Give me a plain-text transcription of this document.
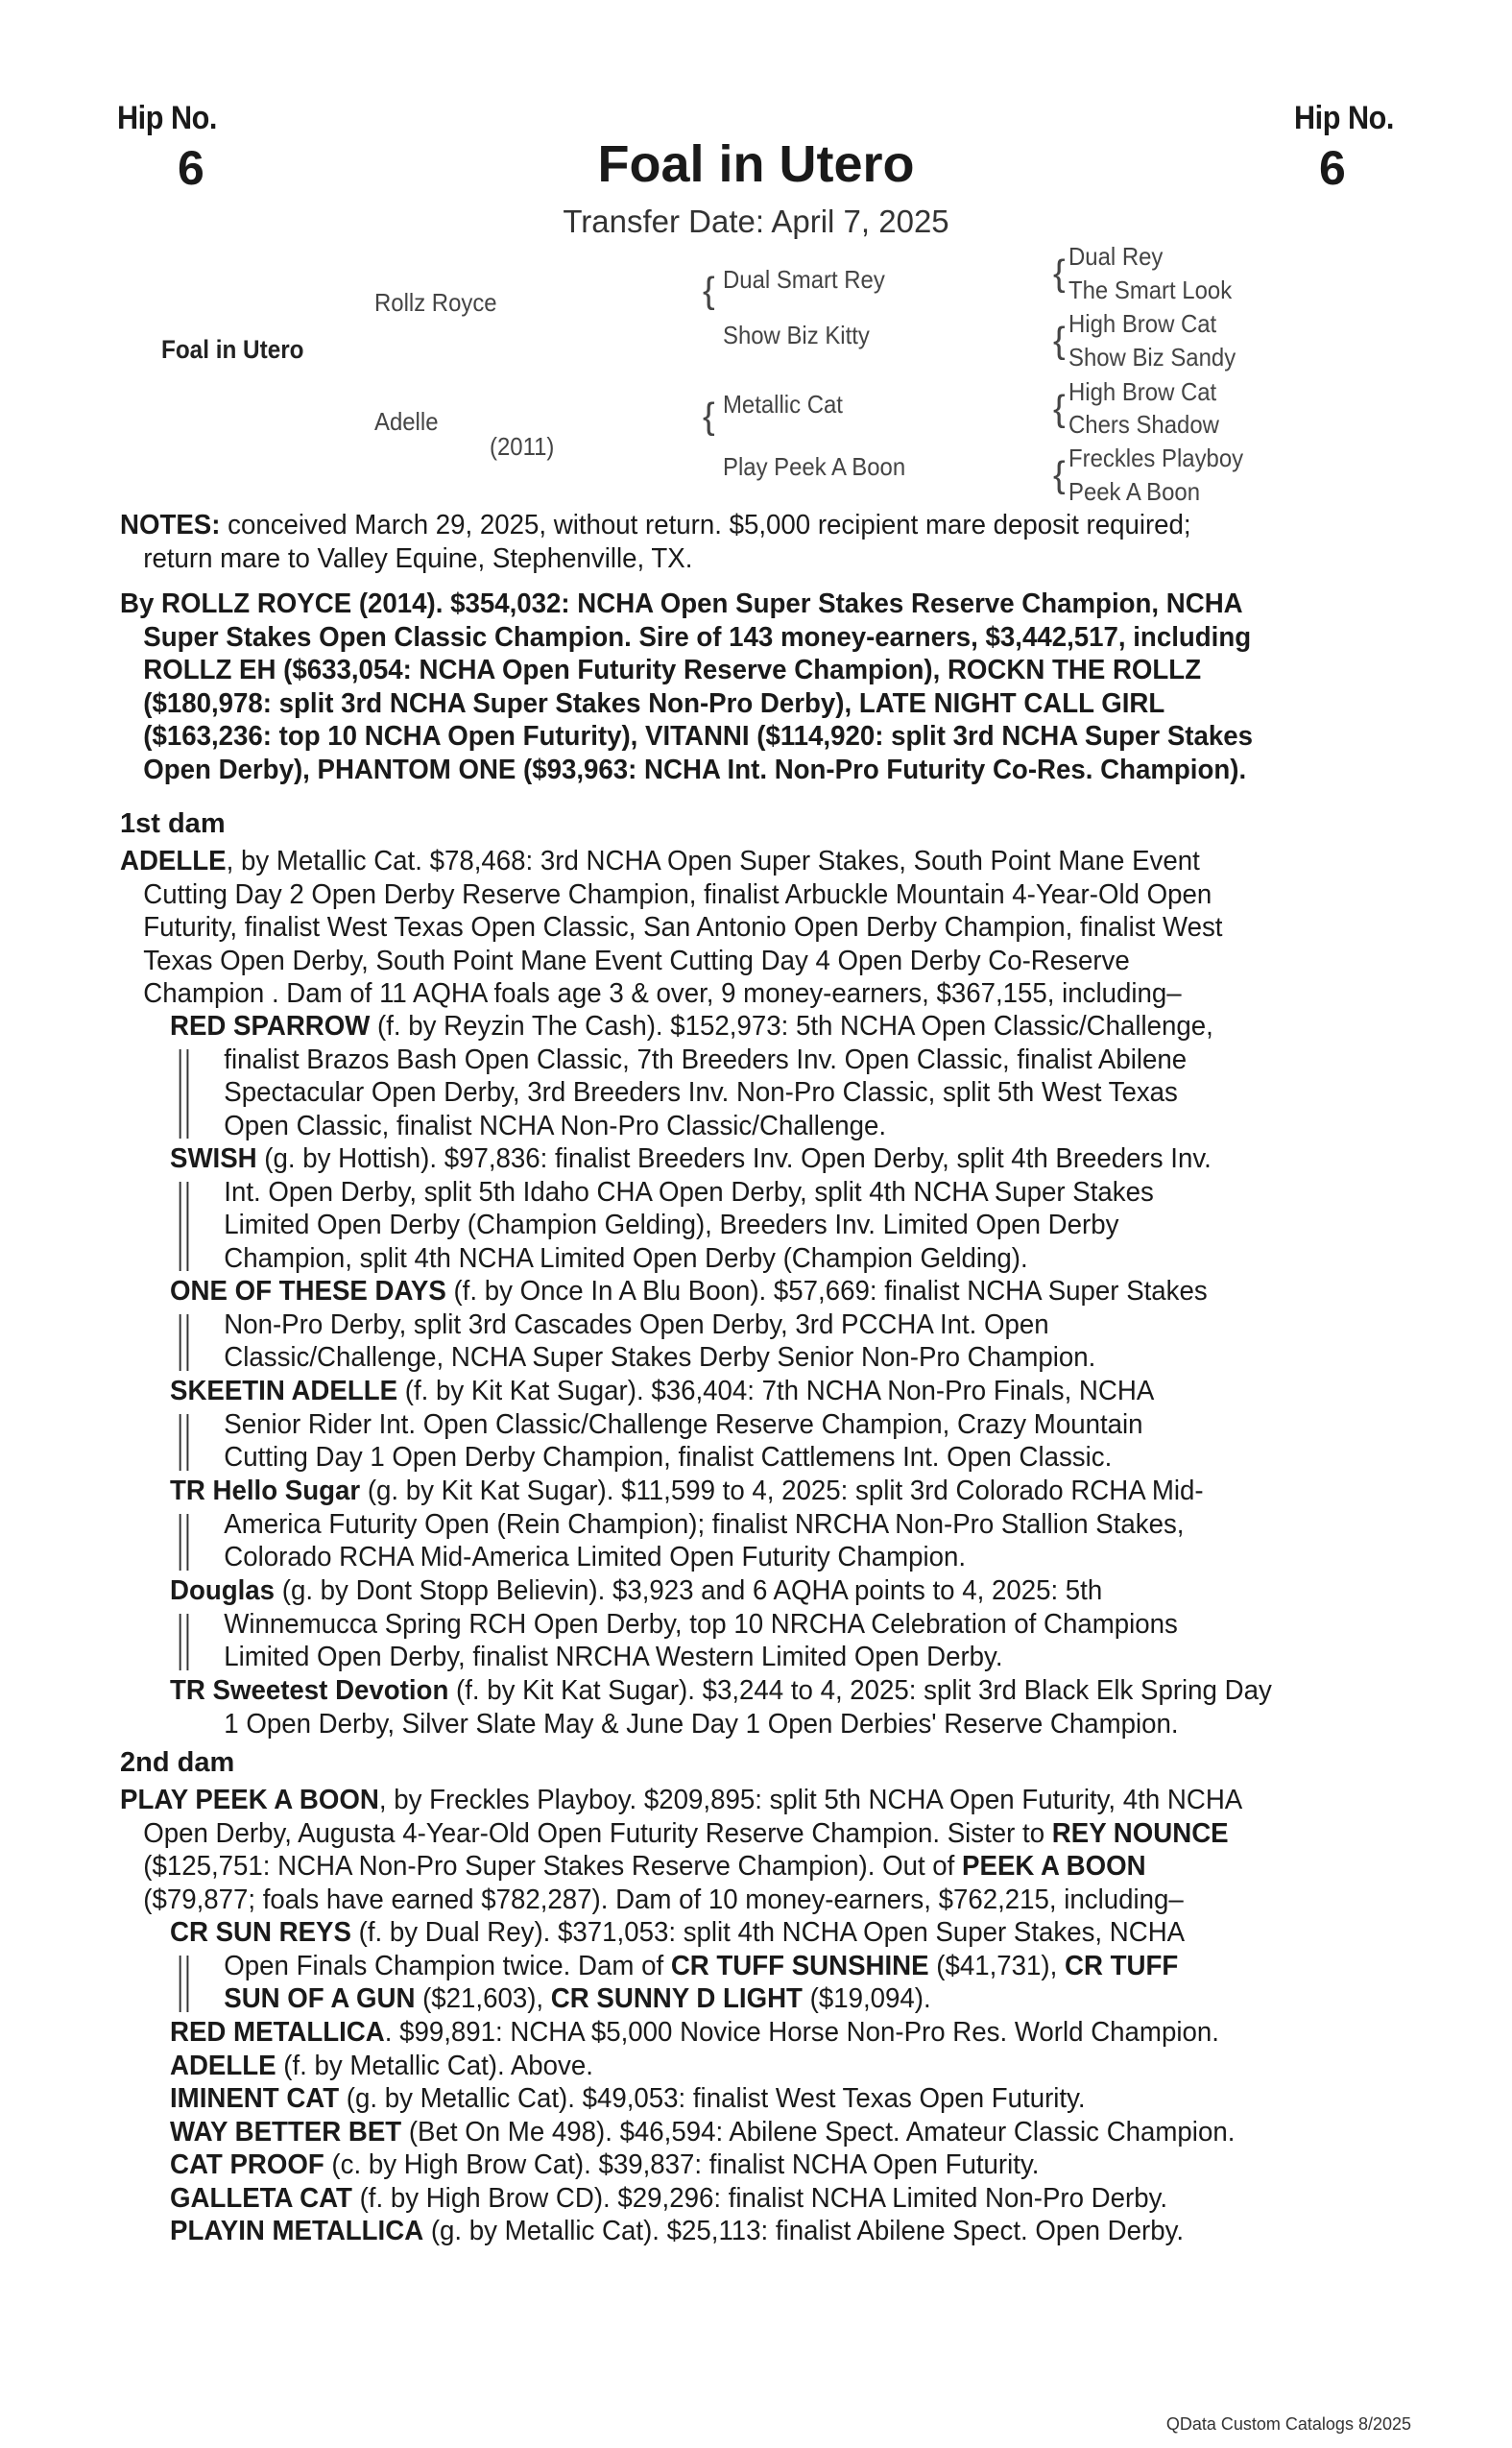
Hip No.
6
Hip No.
6
Foal in Utero
Transfer Date: April 7, 2025
Foal in Utero
Rollz Royce
Adelle
(2011)
{ Dual Smart Rey
Show Biz Kitty
{ Metallic Cat
Play Peek A Boon
{ Dual Rey
The Smart Look
{ High Brow Cat
Show Biz Sandy
{ High Brow Cat
Chers Shadow
{ Freckles Playboy
Peek A Boon
NOTES: conceived March 29, 2025, without return. $5,000 recipient mare deposit required;
return mare to Valley Equine, Stephenville, TX.
By ROLLZ ROYCE (2014). $354,032: NCHA Open Super Stakes Reserve Champion, NCHA
Super Stakes Open Classic Champion. Sire of 143 money-earners, $3,442,517, including
ROLLZ EH ($633,054: NCHA Open Futurity Reserve Champion), ROCKN THE ROLLZ
($180,978: split 3rd NCHA Super Stakes Non-Pro Derby), LATE NIGHT CALL GIRL
($163,236: top 10 NCHA Open Futurity), VITANNI ($114,920: split 3rd NCHA Super Stakes
Open Derby), PHANTOM ONE ($93,963: NCHA Int. Non-Pro Futurity Co-Res. Champion).
1st dam
ADELLE, by Metallic Cat. $78,468: 3rd NCHA Open Super Stakes, South Point Mane Event
Cutting Day 2 Open Derby Reserve Champion, finalist Arbuckle Mountain 4-Year-Old Open
Futurity, finalist West Texas Open Classic, San Antonio Open Derby Champion, finalist West
Texas Open Derby, South Point Mane Event Cutting Day 4 Open Derby Co-Reserve
Champion . Dam of 11 AQHA foals age 3 & over, 9 money-earners, $367,155, including–
RED SPARROW (f. by Reyzin The Cash). $152,973: 5th NCHA Open Classic/Challenge,
finalist Brazos Bash Open Classic, 7th Breeders Inv. Open Classic, finalist Abilene
Spectacular Open Derby, 3rd Breeders Inv. Non-Pro Classic, split 5th West Texas
Open Classic, finalist NCHA Non-Pro Classic/Challenge.
SWISH (g. by Hottish). $97,836: finalist Breeders Inv. Open Derby, split 4th Breeders Inv.
Int. Open Derby, split 5th Idaho CHA Open Derby, split 4th NCHA Super Stakes
Limited Open Derby (Champion Gelding), Breeders Inv. Limited Open Derby
Champion, split 4th NCHA Limited Open Derby (Champion Gelding).
ONE OF THESE DAYS (f. by Once In A Blu Boon). $57,669: finalist NCHA Super Stakes
Non-Pro Derby, split 3rd Cascades Open Derby, 3rd PCCHA Int. Open
Classic/Challenge, NCHA Super Stakes Derby Senior Non-Pro Champion.
SKEETIN ADELLE (f. by Kit Kat Sugar). $36,404: 7th NCHA Non-Pro Finals, NCHA
Senior Rider Int. Open Classic/Challenge Reserve Champion, Crazy Mountain
Cutting Day 1 Open Derby Champion, finalist Cattlemens Int. Open Classic.
TR Hello Sugar (g. by Kit Kat Sugar). $11,599 to 4, 2025: split 3rd Colorado RCHA Mid-
America Futurity Open (Rein Champion); finalist NRCHA Non-Pro Stallion Stakes,
Colorado RCHA Mid-America Limited Open Futurity Champion.
Douglas (g. by Dont Stopp Believin). $3,923 and 6 AQHA points to 4, 2025: 5th
Winnemucca Spring RCH Open Derby, top 10 NRCHA Celebration of Champions
Limited Open Derby, finalist NRCHA Western Limited Open Derby.
TR Sweetest Devotion (f. by Kit Kat Sugar). $3,244 to 4, 2025: split 3rd Black Elk Spring Day
1 Open Derby, Silver Slate May & June Day 1 Open Derbies' Reserve Champion.
2nd dam
PLAY PEEK A BOON, by Freckles Playboy. $209,895: split 5th NCHA Open Futurity, 4th NCHA
Open Derby, Augusta 4-Year-Old Open Futurity Reserve Champion. Sister to REY NOUNCE
($125,751: NCHA Non-Pro Super Stakes Reserve Champion). Out of PEEK A BOON
($79,877; foals have earned $782,287). Dam of 10 money-earners, $762,215, including–
CR SUN REYS (f. by Dual Rey). $371,053: split 4th NCHA Open Super Stakes, NCHA
Open Finals Champion twice. Dam of CR TUFF SUNSHINE ($41,731), CR TUFF
SUN OF A GUN ($21,603), CR SUNNY D LIGHT ($19,094).
RED METALLICA. $99,891: NCHA $5,000 Novice Horse Non-Pro Res. World Champion.
ADELLE (f. by Metallic Cat). Above.
IMINENT CAT (g. by Metallic Cat). $49,053: finalist West Texas Open Futurity.
WAY BETTER BET (Bet On Me 498). $46,594: Abilene Spect. Amateur Classic Champion.
CAT PROOF (c. by High Brow Cat). $39,837: finalist NCHA Open Futurity.
GALLETA CAT (f. by High Brow CD). $29,296: finalist NCHA Limited Non-Pro Derby.
PLAYIN METALLICA (g. by Metallic Cat). $25,113: finalist Abilene Spect. Open Derby.
QData Custom Catalogs 8/2025
